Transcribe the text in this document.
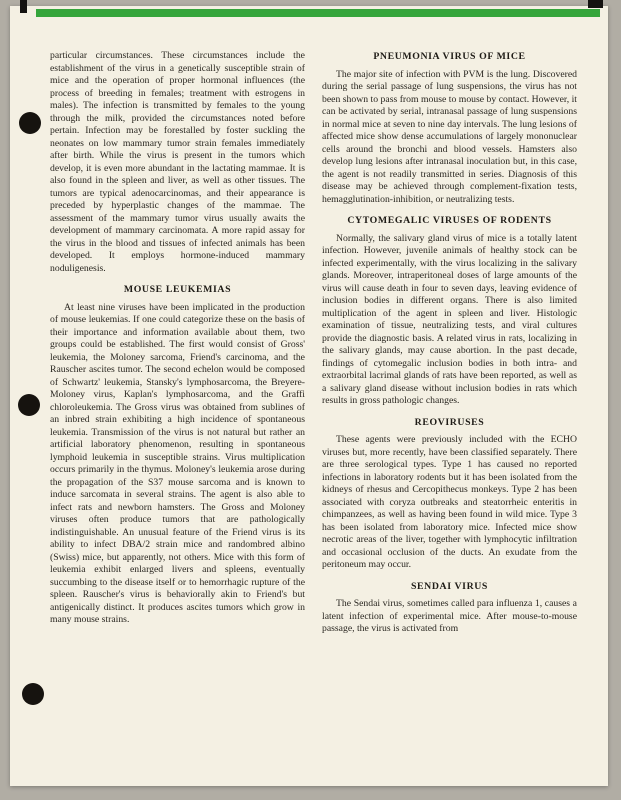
particular circumstances. These circumstances include the establishment of the virus in a genetically susceptible strain of mice and the operation of proper hormonal influences (the process of breeding in females; treatment with estrogens in males). The infection is transmitted by females to the young through the milk, provided the circumstances noted before pertain. Infection may be forestalled by foster suckling the neonates on low mammary tumor strain females immediately after birth. While the virus is present in the tumors which develop, it is even more abundant in the lactating mammae. It is also found in the spleen and liver, as well as other tissues. The tumors are typical adenocarcinomas, and their appearance is preceded by hyperplastic changes of the mammae. The assessment of the mammary tumor virus usually awaits the development of mammary carcinomata. A more rapid assay for the virus in the blood and tissues of infected animals has been developed. It employs hormone-induced mammary noduligenesis.

MOUSE LEUKEMIAS

At least nine viruses have been implicated in the production of mouse leukemias. If one could categorize these on the basis of their importance and information available about them, two groups could be established. The first would consist of Gross' leukemia, the Moloney sarcoma, Friend's carcinoma, and the Rauscher ascites tumor. The second echelon would be composed of Schwartz' leukemia, Stansky's lymphosarcoma, the Breyere-Moloney virus, Kaplan's lymphosarcoma, and the Graffi chloroleukemia. The Gross virus was obtained from sublines of an inbred strain exhibiting a high incidence of spontaneous leukemia. Transmission of the virus is not natural but rather an artificial laboratory phenomenon, resulting in spontaneous lymphoid leukemia in susceptible strains. Virus multiplication occurs primarily in the thymus. Moloney's leukemia arose during the propagation of the S37 mouse sarcoma and is known to induce sarcomata in several strains. The agent is also able to infect rats and newborn hamsters. The Gross and Moloney viruses often produce tumors that are pathologically indistinguishable. An unusual feature of the Friend virus is its ability to infect DBA/2 strain mice and randombred albino (Swiss) mice, but apparently, not others. Mice with this form of leukemia exhibit enlarged livers and spleens, eventually succumbing to the disease itself or to hemorrhagic rupture of the spleen. Rauscher's virus is behaviorally akin to Friend's but antigenically distinct. It produces ascites tumors which grow in many mouse strains.

PNEUMONIA VIRUS OF MICE

The major site of infection with PVM is the lung. Discovered during the serial passage of lung suspensions, the virus has not been shown to pass from mouse to mouse by contact. However, it can be activated by serial, intranasal passage of lung suspensions in normal mice at seven to nine day intervals. The lung lesions of affected mice show dense accumulations of largely mononuclear cells around the bronchi and blood vessels. Hamsters also develop lung lesions after intranasal inoculation but, in this case, the agent is not readily transmitted in series. Diagnosis of this disease may be achieved through complement-fixation tests, hemagglutination-inhibition, or neutralizing tests.

CYTOMEGALIC VIRUSES OF RODENTS

Normally, the salivary gland virus of mice is a totally latent infection. However, juvenile animals of healthy stock can be infected experimentally, with the virus localizing in the salivary glands. Moreover, intraperitoneal doses of large amounts of the virus will cause death in four to seven days, leaving evidence of inclusion bodies in different organs. There is also limited multiplication of the agent in spleen and liver. Histologic examination of tissue, neutralizing tests, and viral cultures provide the diagnostic basis. A related virus in rats, localizing in the salivary glands, may cause abortion. In the past decade, findings of cytomegalic inclusion bodies in both intra- and extraorbital lacrimal glands of rats have been reported, as well as a salivary gland disease without inclusion bodies in rats which results in gross pathologic changes.

REOVIRUSES

These agents were previously included with the ECHO viruses but, more recently, have been classified separately. There are three serological types. Type 1 has caused no reported infections in laboratory rodents but it has been isolated from the kidneys of rhesus and Cercopithecus monkeys. Type 2 has been associated with coryza outbreaks and steatorrheic enteritis in chimpanzees, as well as having been found in wild mice. Type 3 has been isolated from laboratory mice. Infected mice show necrotic areas of the liver, together with lymphocytic infiltration and occasional occlusion of the ducts. An exudate from the peritoneum may occur.

SENDAI VIRUS

The Sendai virus, sometimes called para influenza 1, causes a latent infection of experimental mice. After mouse-to-mouse passage, the virus is activated from
